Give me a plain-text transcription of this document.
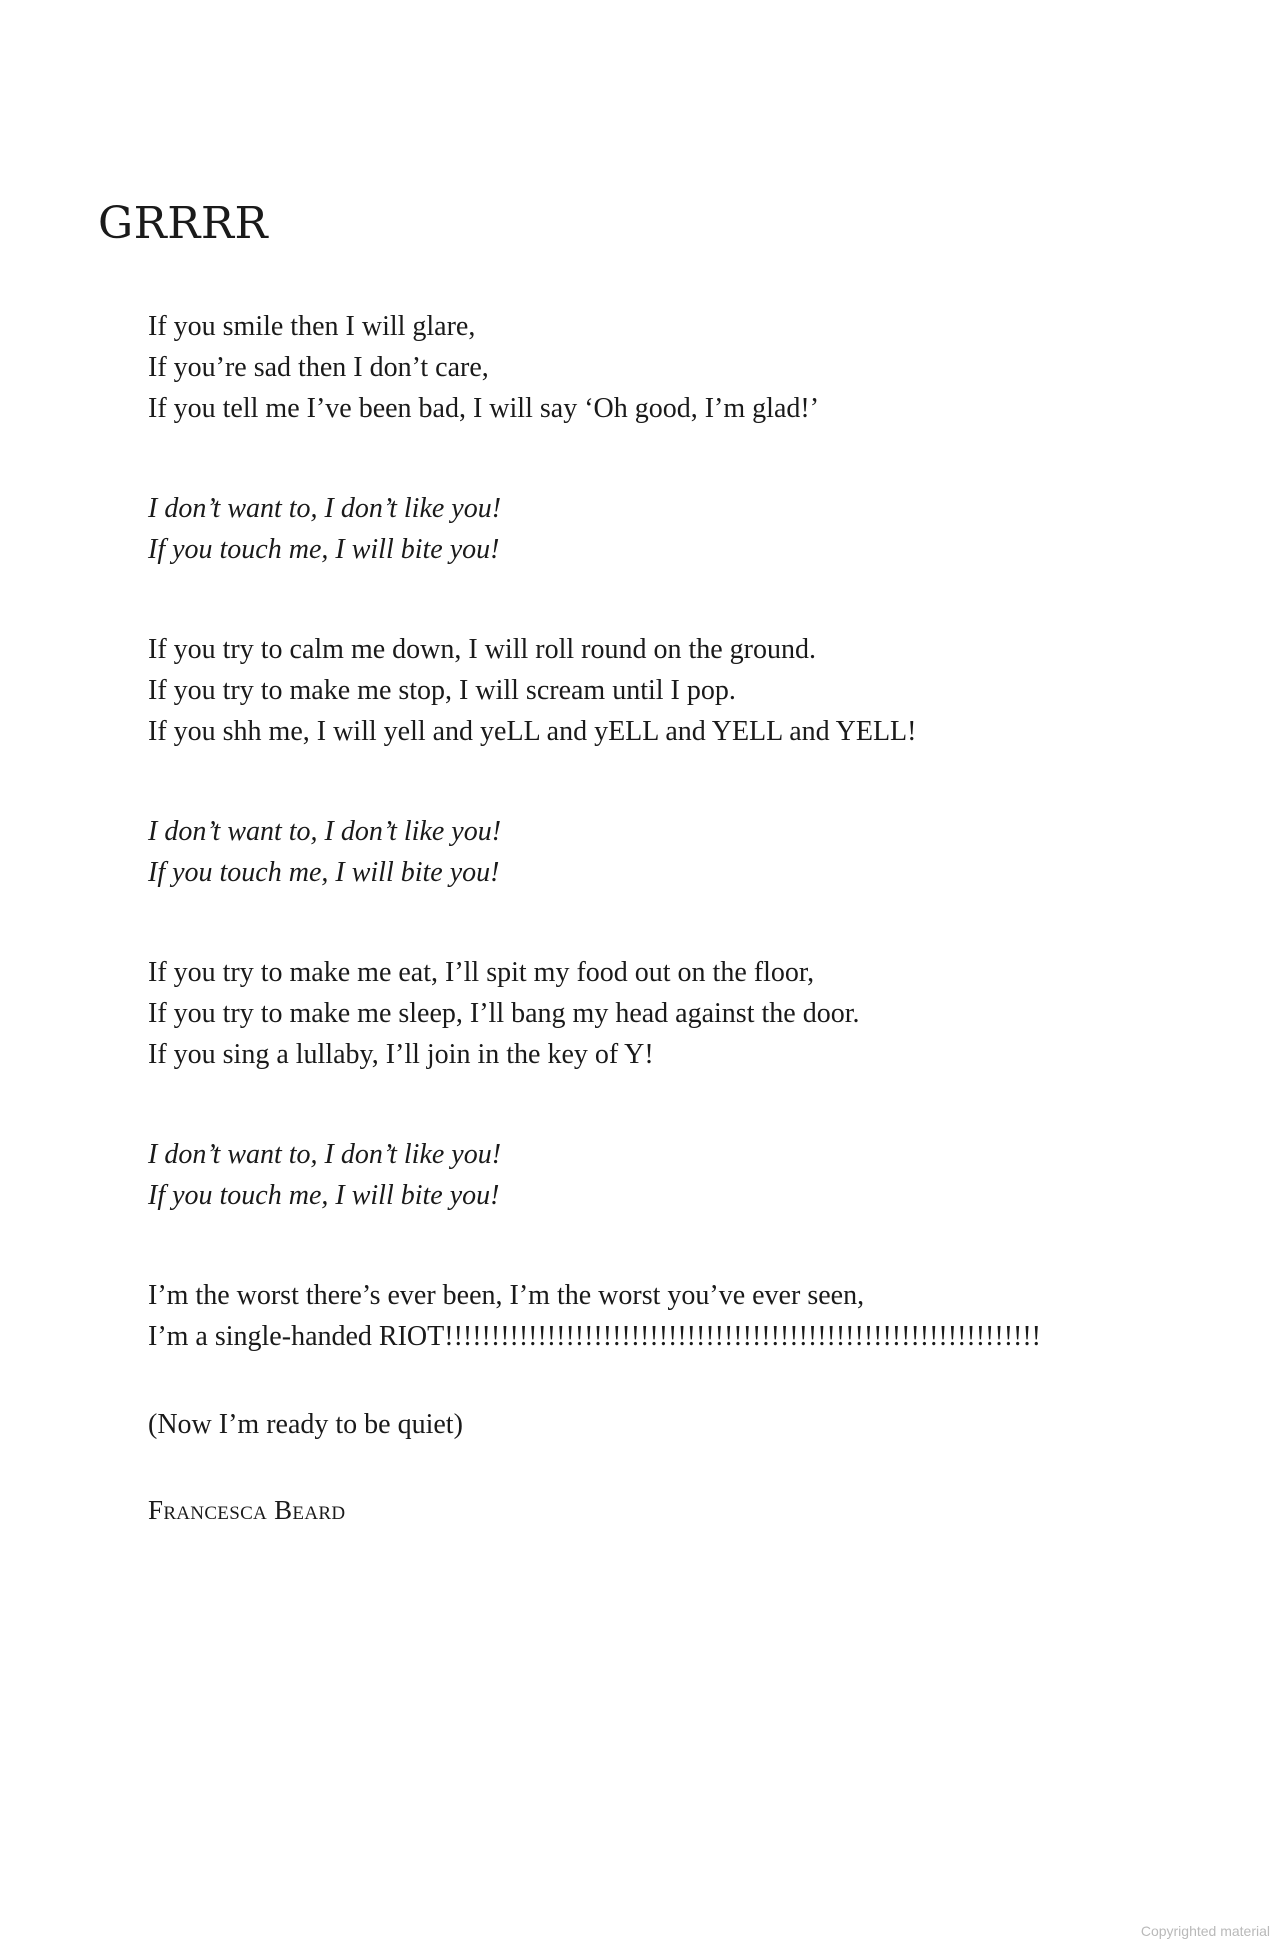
GRRRR

If you smile then I will glare,
If you’re sad then I don’t care,
If you tell me I’ve been bad, I will say ‘Oh good, I’m glad!’

I don’t want to, I don’t like you!
If you touch me, I will bite you!

If you try to calm me down, I will roll round on the ground.
If you try to make me stop, I will scream until I pop.
If you shh me, I will yell and yeLL and yELL and YELL and YELL!

I don’t want to, I don’t like you!
If you touch me, I will bite you!

If you try to make me eat, I’ll spit my food out on the floor,
If you try to make me sleep, I’ll bang my head against the door.
If you sing a lullaby, I’ll join in the key of Y!

I don’t want to, I don’t like you!
If you touch me, I will bite you!

I’m the worst there’s ever been, I’m the worst you’ve ever seen,
I’m a single-handed RIOT!!!!!!!!!!!!!!!!!!!!!!!!!!!!!!!!!!!!!!!!!!!!!!!!!!!!!!!!!!!!!!!!

(Now I’m ready to be quiet)

Francesca Beard

Copyrighted material
